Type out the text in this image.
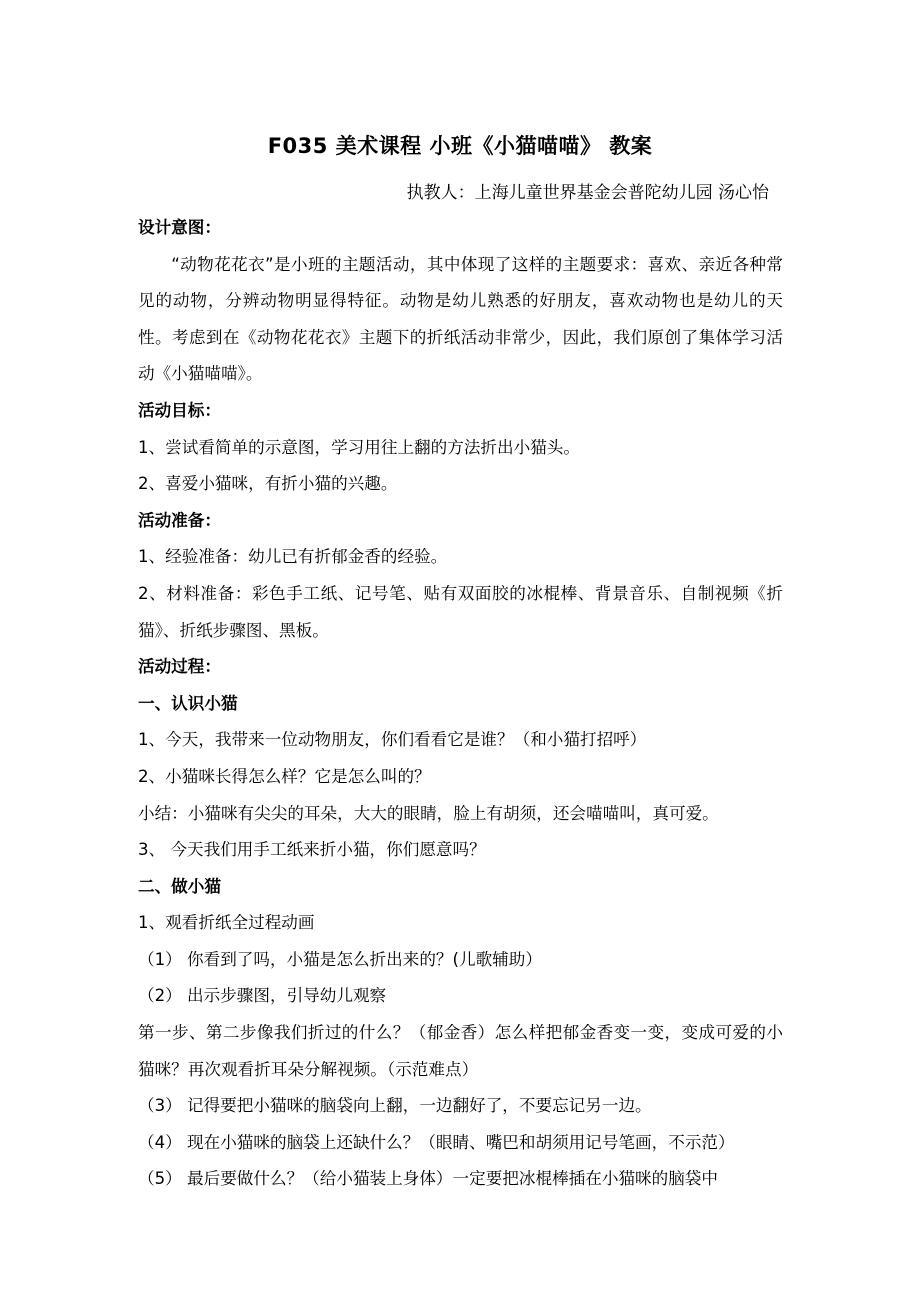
F035 美术课程 小班《小猫喵喵》 教案
执教人：上海儿童世界基金会普陀幼儿园 汤心怡

设计意图：

“动物花花衣”是小班的主题活动，其中体现了这样的主题要求：喜欢、亲近各种常见的动物，分辨动物明显得特征。动物是幼儿熟悉的好朋友，喜欢动物也是幼儿的天性。考虑到在《动物花花衣》主题下的折纸活动非常少，因此，我们原创了集体学习活动《小猫喵喵》。

活动目标：

1、尝试看简单的示意图，学习用往上翻的方法折出小猫头。

2、喜爱小猫咪，有折小猫的兴趣。

活动准备：

1、经验准备：幼儿已有折郁金香的经验。

2、材料准备：彩色手工纸、记号笔、贴有双面胶的冰棍棒、背景音乐、自制视频《折猫》、折纸步骤图、黑板。

活动过程：

一、认识小猫

1、今天，我带来一位动物朋友，你们看看它是谁？（和小猫打招呼）

2、小猫咪长得怎么样？它是怎么叫的？

小结：小猫咪有尖尖的耳朵，大大的眼睛，脸上有胡须，还会喵喵叫，真可爱。

3、 今天我们用手工纸来折小猫，你们愿意吗？

二、做小猫

1、观看折纸全过程动画

（1） 你看到了吗，小猫是怎么折出来的？(儿歌辅助）

（2） 出示步骤图，引导幼儿观察

第一步、第二步像我们折过的什么？（郁金香）怎么样把郁金香变一变，变成可爱的小猫咪？再次观看折耳朵分解视频。（示范难点）

（3） 记得要把小猫咪的脑袋向上翻，一边翻好了，不要忘记另一边。

（4） 现在小猫咪的脑袋上还缺什么？（眼睛、嘴巴和胡须用记号笔画，不示范）

（5） 最后要做什么？（给小猫装上身体）一定要把冰棍棒插在小猫咪的脑袋中
